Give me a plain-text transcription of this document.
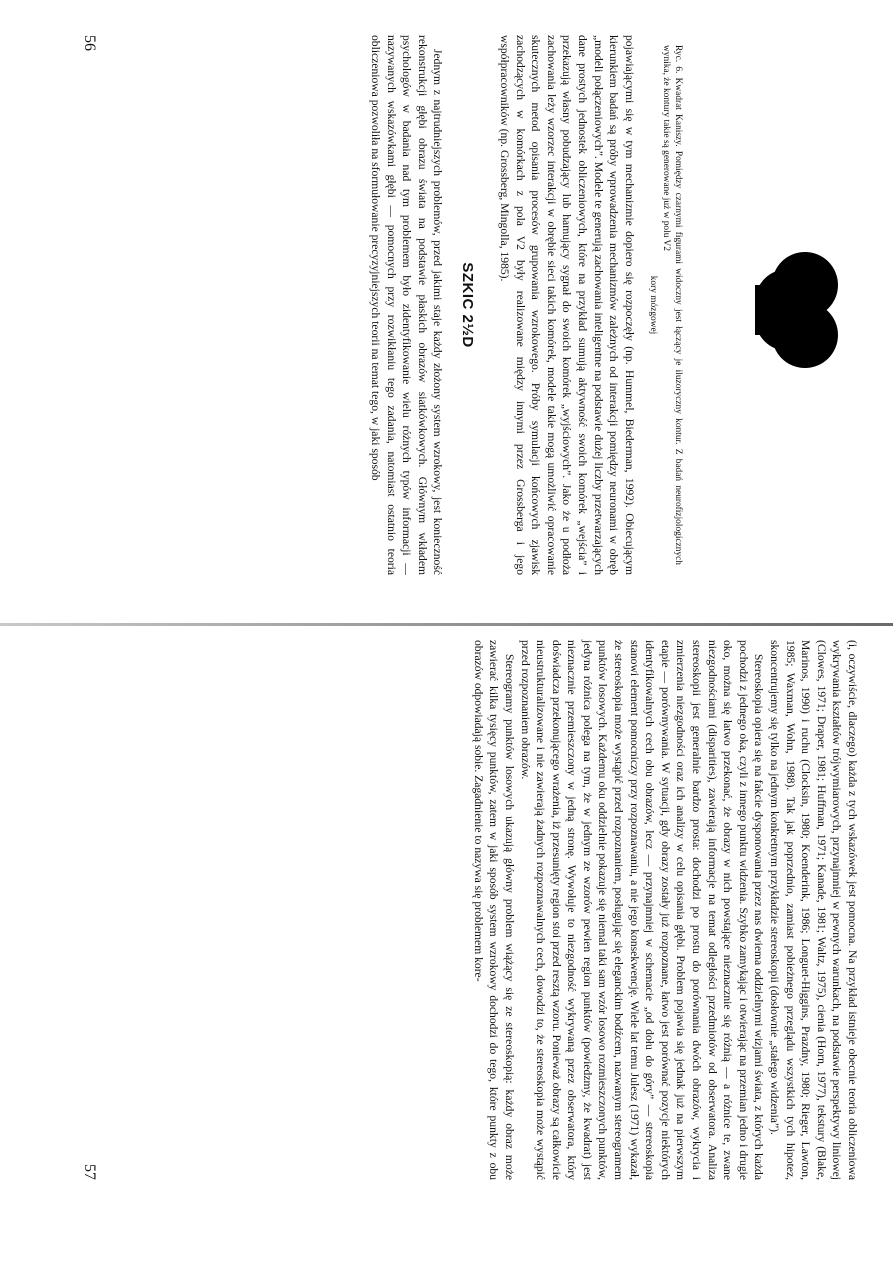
Ryc. 6. Kwadrat Kaniszy. Pomiędzy czarnymi figurami widoczny jest łączący je iluzoryczny kontur. Z badań neurofizjologicznych wynika, że kontury takie są generowane już w polu V2
kory mózgowej

pojawiającymi się w tym mechanizmie dopiero się rozpoczęły (np. Hummel, Biederman, 1992). Obiecującym kierunkiem badań są próby wprowadzenia mechanizmów zależnych od interakcji pomiędzy neuronami w obręb „modeli połączeniowych”. Modele te generują zachowania inteligentne na podstawie dużej liczby przetwarzających dane prostych jednostek obliczeniowych, które na przykład sumują aktywność swoich komórek „wejścia” i przekazują własny pobudzający lub hamujący sygnał do swoich komórek „wyjściowych”. Jako że u podłoża zachowania leży wzorzec interakcji w obrębie sieci takich komórek, modele takie mogą umożliwić opracowanie skutecznych metod opisania procesów grupowania wzrokowego. Próby symulacji końcowych zjawisk zachodzących w komórkach z pola V2 były realizowane między innymi przez Grossberga i jego współpracowników (np. Grossberg, Mingolla, 1985).

SZKIC 2½D

Jednym z najtrudniejszych problemów, przed jakimi staje każdy złożony system wzrokowy, jest konieczność rekonstrukcji głębi obrazu świata na podstawie płaskich obrazów siatkówkowych. Głównym wkładem psychologów w badania nad tym problemem było zidentyfikowanie wielu różnych typów informacji — nazywanych wskazówkami głębi — pomocnych przy rozwikłaniu tego zadania, natomiast ostatnio teoria obliczeniowa pozwoliła na sformułowanie precyzyjniejszych teorii na temat tego, w jaki sposób

56

(i, oczywiście, dlaczego) każda z tych wskazówek jest pomocna. Na przykład istnieje obecnie teoria obliczeniowa wykrywania kształtów trójwymiarowych, przynajmniej w pewnych warunkach, na podstawie perspektywy liniowej (Clowes, 1971; Draper, 1981; Huffman, 1971; Kanade, 1981; Waltz, 1975), cienia (Horn, 1977), tekstury (Blake, Marinos, 1990) i ruchu (Clocksin, 1980; Koenderink, 1986; Longuet-Higgins, Prazdny, 1980; Rieger, Lawton, 1985; Waxman, Wohn, 1988). Tak jak poprzednio, zamiast pobieżnego przeglądu wszystkich tych hipotez, skoncentrujemy się tylko na jednym konkretnym przykładzie stereoskopii (dosłownie „stałego widzenia”).

Stereoskopia opiera się na fakcie dysponowania przez nas dwiema oddzielnymi wizjami świata, z których każda pochodzi z jednego oka, czyli z innego punktu widzenia. Szybko zamykając i otwierając na przemian jedno i drugie oko, można się łatwo przekonać, że obrazy w nich powstające nieznacznie się różnią — a różnice te, zwane niezgodnościami (disparities), zawierają informacje na temat odległości przedmiotów od obserwatora. Analiza stereoskopii jest generalnie bardzo prosta: dochodzi po prostu do porównania dwóch obrazów, wykrycia i zmierzenia niezgodności oraz ich analizy w celu opisania głębi. Problem pojawia się jednak już na pierwszym etapie — porównywania. W sytuacji, gdy obrazy zostały już rozpoznane, łatwo jest porównać pozycje niektórych identyfikowalnych cech obu obrazów, lecz — przynajmniej w schemacie „od dołu do góry” — stereoskopia stanowi element pomocniczy przy rozpoznawaniu, a nie jego konsekwencję. Wiele lat temu Julesz (1971) wykazał, że stereoskopia może wystąpić przed rozpoznaniem, posługując się eleganckim bodźcem, nazwanym stereogramem punktów losowych. Każdemu oku oddzielnie pokazuje się niemal taki sam wzór losowo rozmieszczonych punktów, jedyna różnica polega na tym, że w jednym ze wzorów pewien region punktów (powiedzmy, że kwadrat) jest nieznacznie przemieszczony w jedną stronę. Wywołuje to niezgodność wykrywaną przez obserwatora, który doświadcza przekonującego wrażenia, iż przesunięty region stoi przed resztą wzoru. Ponieważ obrazy są całkowicie nieustrukturalizowane i nie zawierają żadnych rozpoznawalnych cech, dowodzi to, że stereoskopia może wystąpić przed rozpoznaniem obrazów.

Stereogramy punktów losowych ukazują główny problem wiążący się ze stereoskopią: każdy obraz może zawierać kilka tysięcy punktów, zatem w jaki sposób system wzrokowy dochodzi do tego, które punkty z obu obrazów odpowiadają sobie. Zagadnienie to nazywa się problemem kore-

57
